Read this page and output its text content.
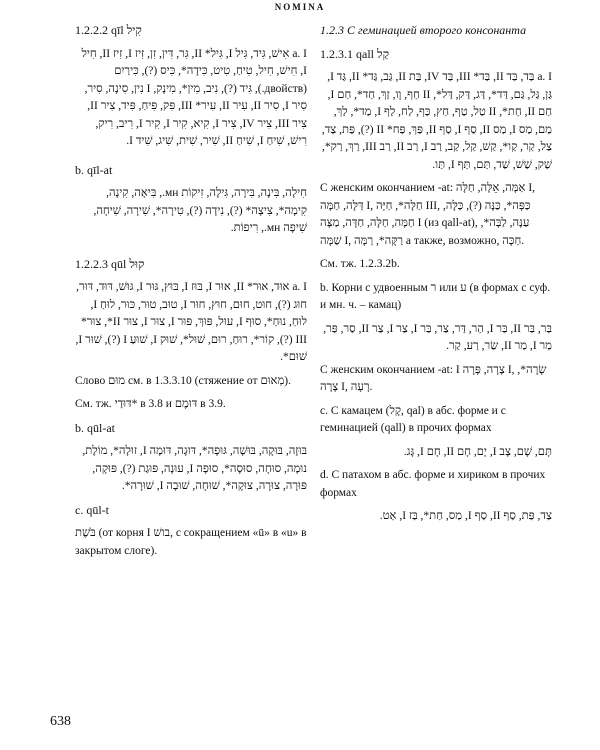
NOMINA

1.2.2.2 qīl קִיל

a. I אִישׁ, גִּיד, גִּיל I, גִּיל* II, גִּר, דִּין, זִן, זִיז I, זִיז II, חִיל I, חִישׁ, חִיל, טִיחַ, טִיט, כִּידָה*, כִּיס (?), כִּירַיִם (двойств.), גִּיד (?), נִיב, מִין*, מִינָק, I נִין, סִינָה, סִיר, סִיר I, סִיר II, עִיר II, עִיר* III, פִּק, פִּיחַ, פִּיד, צִיר II, צִיר III, צִיר IV, צִיר I, קִיא, קִיר I, קִיר I, רִיב, רִיק, רִישׁ, שִׁיחַ I, שִׁיחַ II, שִׁיר, שִׁית, שִׁיג, שִׁיד I.

b. qīl-at

חִילָה, בִּינָה, בִּירָה, גִּילָה, זִיקוֹת мн., בִּיאָה, קִינָה, קִימָה*, צִיצָה* (?), נִידָה (?), טִירָה*, שִׁירָה, שִׁיחָה, שִׁיפָה мн., רִיפוֹת.

1.2.2.3 qūl קוּל

a. I אוּד, אוּר* II, אוּר I, בּוּז I, בּוּץ, גּוּר I, גּוּשׁ, דּוּד, דּוּר, חוּג (?), חוּט, חוּם, חוּץ, חוּר I, טוּב, טוּר, כּוּר, לוּחַ I, לוּחַ, נוּחַ*, סוּף I, עוּל, פּוּךְ, פּוּר I, צוּר I, צוּר II*, צוּר* III (?), קוֹר*, רוּחַ, רוּם, שׁוּל*, שׁוּק I, שׁוּעַ I (?), שׁוּר I, שׁוּם*.

Слово מוּם см. в 1.3.3.10 (стяжение от מְאוּם).

См. тж. דּוּדַי* в 3.8 и דּוּמֶם в 3.9.

b. qūl-at

בּוּזָה, בּוּקָה, בּוּשָׁה, גּוּפָה*, דּוּגָה, דּוּמָה I, זוּלָה*, מוֹלֶת, נוּמָה, סוּחָה, סוּסָה*, סוּפָה I, עוּנָה, פּוּגַת (?), פּוּקָה, פּוּרָה, צוּרָה, צוּקָה*, שׁוּחָה, שׁוּבָה I, שׁוּרָה*.

c. qūl-t

בֹּשֶׁת (от корня I בושׁ, с сокращением «ū» в «u» в закрытом слоге).

1.2.3 С геминацией второго консонанта

1.2.3.1 qall קַל

a. I בַּד, בַּד II, בַּד* III, בַּד IV, בַּת II, גַּב, גַּד* II, גַּד I, גַּן, גַּל, גַּם, דַּד*, דַּג, דַּק, דַּל*, II חַף, וָו, זַךְ, חַד*, חַם I, חַם II, חַת*, II טַל, טַף, חַץ, כַּף, לַח, לַף I, מַד*, לַךְ, מַם, מַס I, מַס II, סַף I, סַף II, פַּךְ, פַּח* II (?), פַּת, צַד, צַל, קַר, קַו*, קַשׁ, קַל, קַב, רַב I, רַב II, רַב III, רַךְ, רַק*, שַׁק, שַׁשׁ, שַׁד, תַּם, תַּף I, תַּו.

С женским окончанием -at: אַמָּה, אֵלָּה, חַלָּה I, דַּלָּה, חַמָּה I, חַלָּה*, חַיָּה III, כַּפָּה*, כַּנָּה (?), כַּלָּה, חַמָּה, חַלָּה, חַדָּה, מַצָּה I (из qall-at), עַנָּה, לַבָּה*, שַׁמָּה I, רַקָּה*, רַמָּה a также, возможно, חַכָּה.

См. тж. 1.2.3.2b.

b. Корни с удвоенным ר или ע (в формах с суф. и мн. ч. – камац)

בַּר, בַּר II, בַּר I, הַר, דַּר, צַר, בַּר I, צַר I, צַר II, סַר, פַּר, מַר I, מַר II, שַׂר, רַע, קַר.

С женским окончанием -at: I צָרָה, פָּרָה I, שָׂרָה*, צָרָה I, רָעָה.

c. С камацем (קָל, qal) в абс. форме и с геминацией (qall) в прочих формах

תָּם, שָׁם, צָב I, יָם, חָם II, חָם I, גָּג.

d. С патахом в абс. форме и хириком в прочих формах

צַד, פַּת, סַף II, סַף I, מַס, חַת*, בַּז I, אַט.

638
